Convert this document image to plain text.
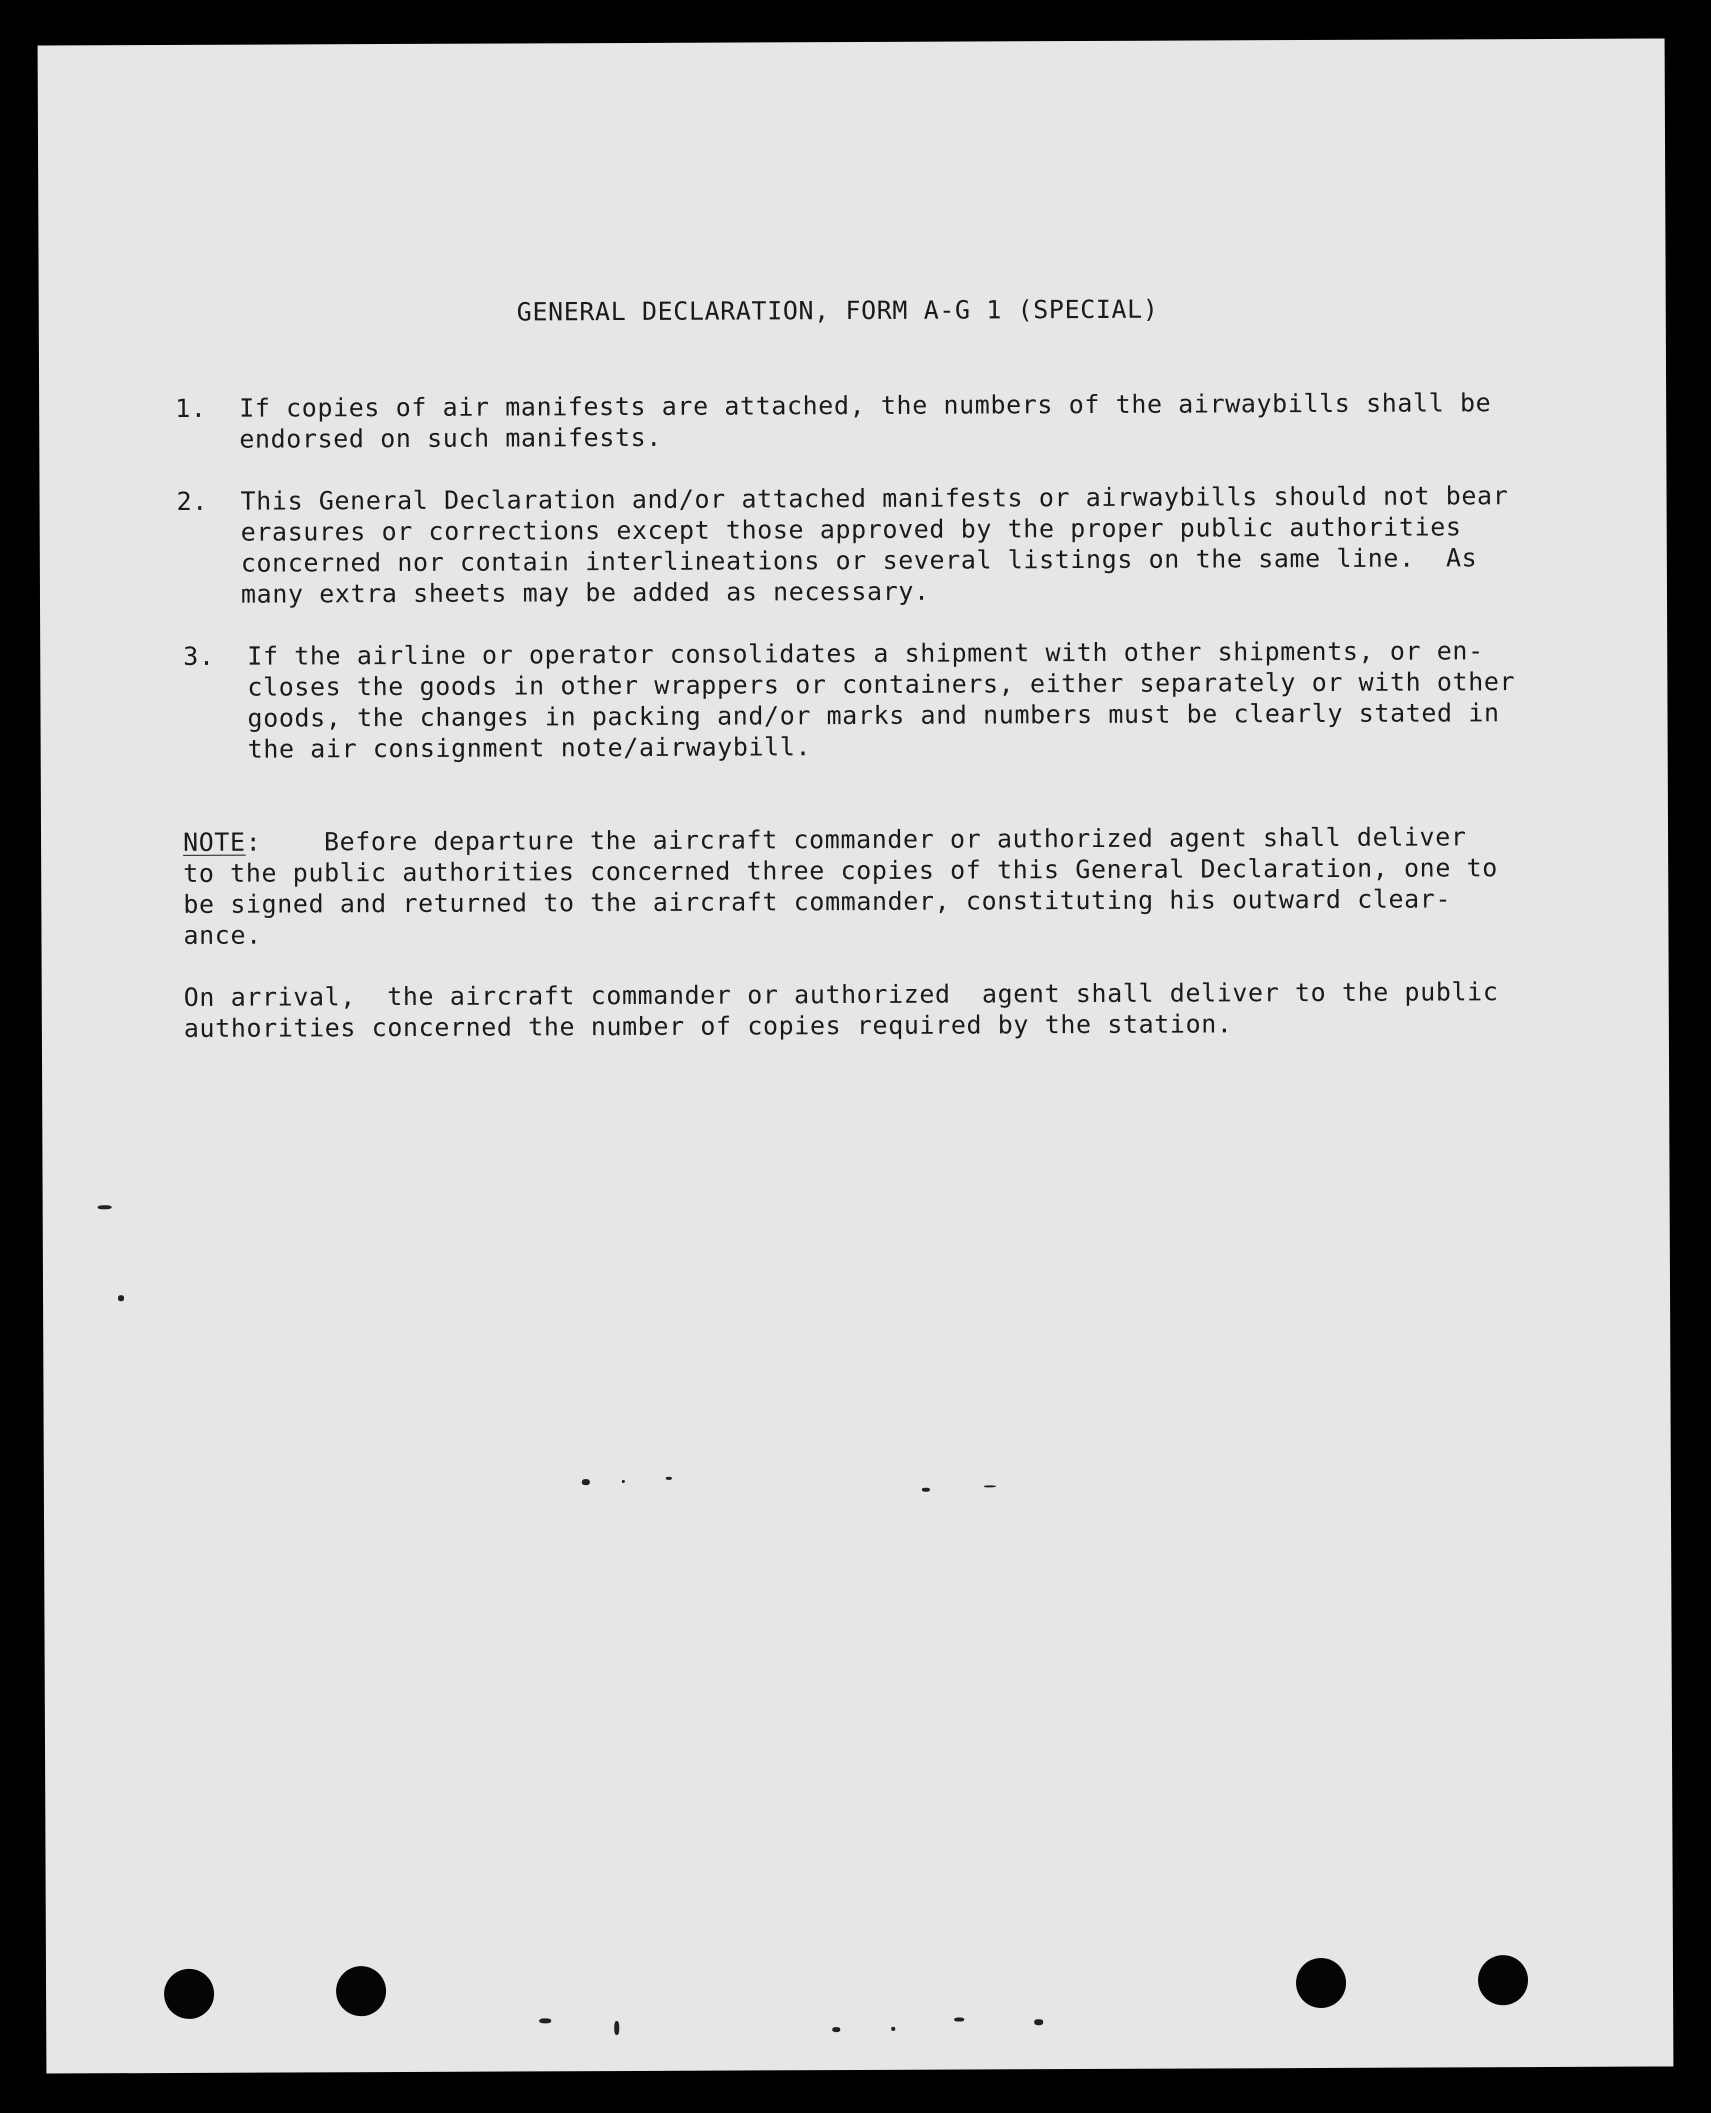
GENERAL DECLARATION, FORM A-G 1 (SPECIAL)
1. If copies of air manifests are attached, the numbers of the airwaybills shall be
endorsed on such manifests.
2. This General Declaration and/or attached manifests or airwaybills should not bear
erasures or corrections except those approved by the proper public authorities
concerned nor contain interlineations or several listings on the same line.  As
many extra sheets may be added as necessary.
3. If the airline or operator consolidates a shipment with other shipments, or en-
closes the goods in other wrappers or containers, either separately or with other
goods, the changes in packing and/or marks and numbers must be clearly stated in
the air consignment note/airwaybill.
NOTE:    Before departure the aircraft commander or authorized agent shall deliver
to the public authorities concerned three copies of this General Declaration, one to
be signed and returned to the aircraft commander, constituting his outward clear-
ance.
On arrival,  the aircraft commander or authorized  agent shall deliver to the public
authorities concerned the number of copies required by the station.
